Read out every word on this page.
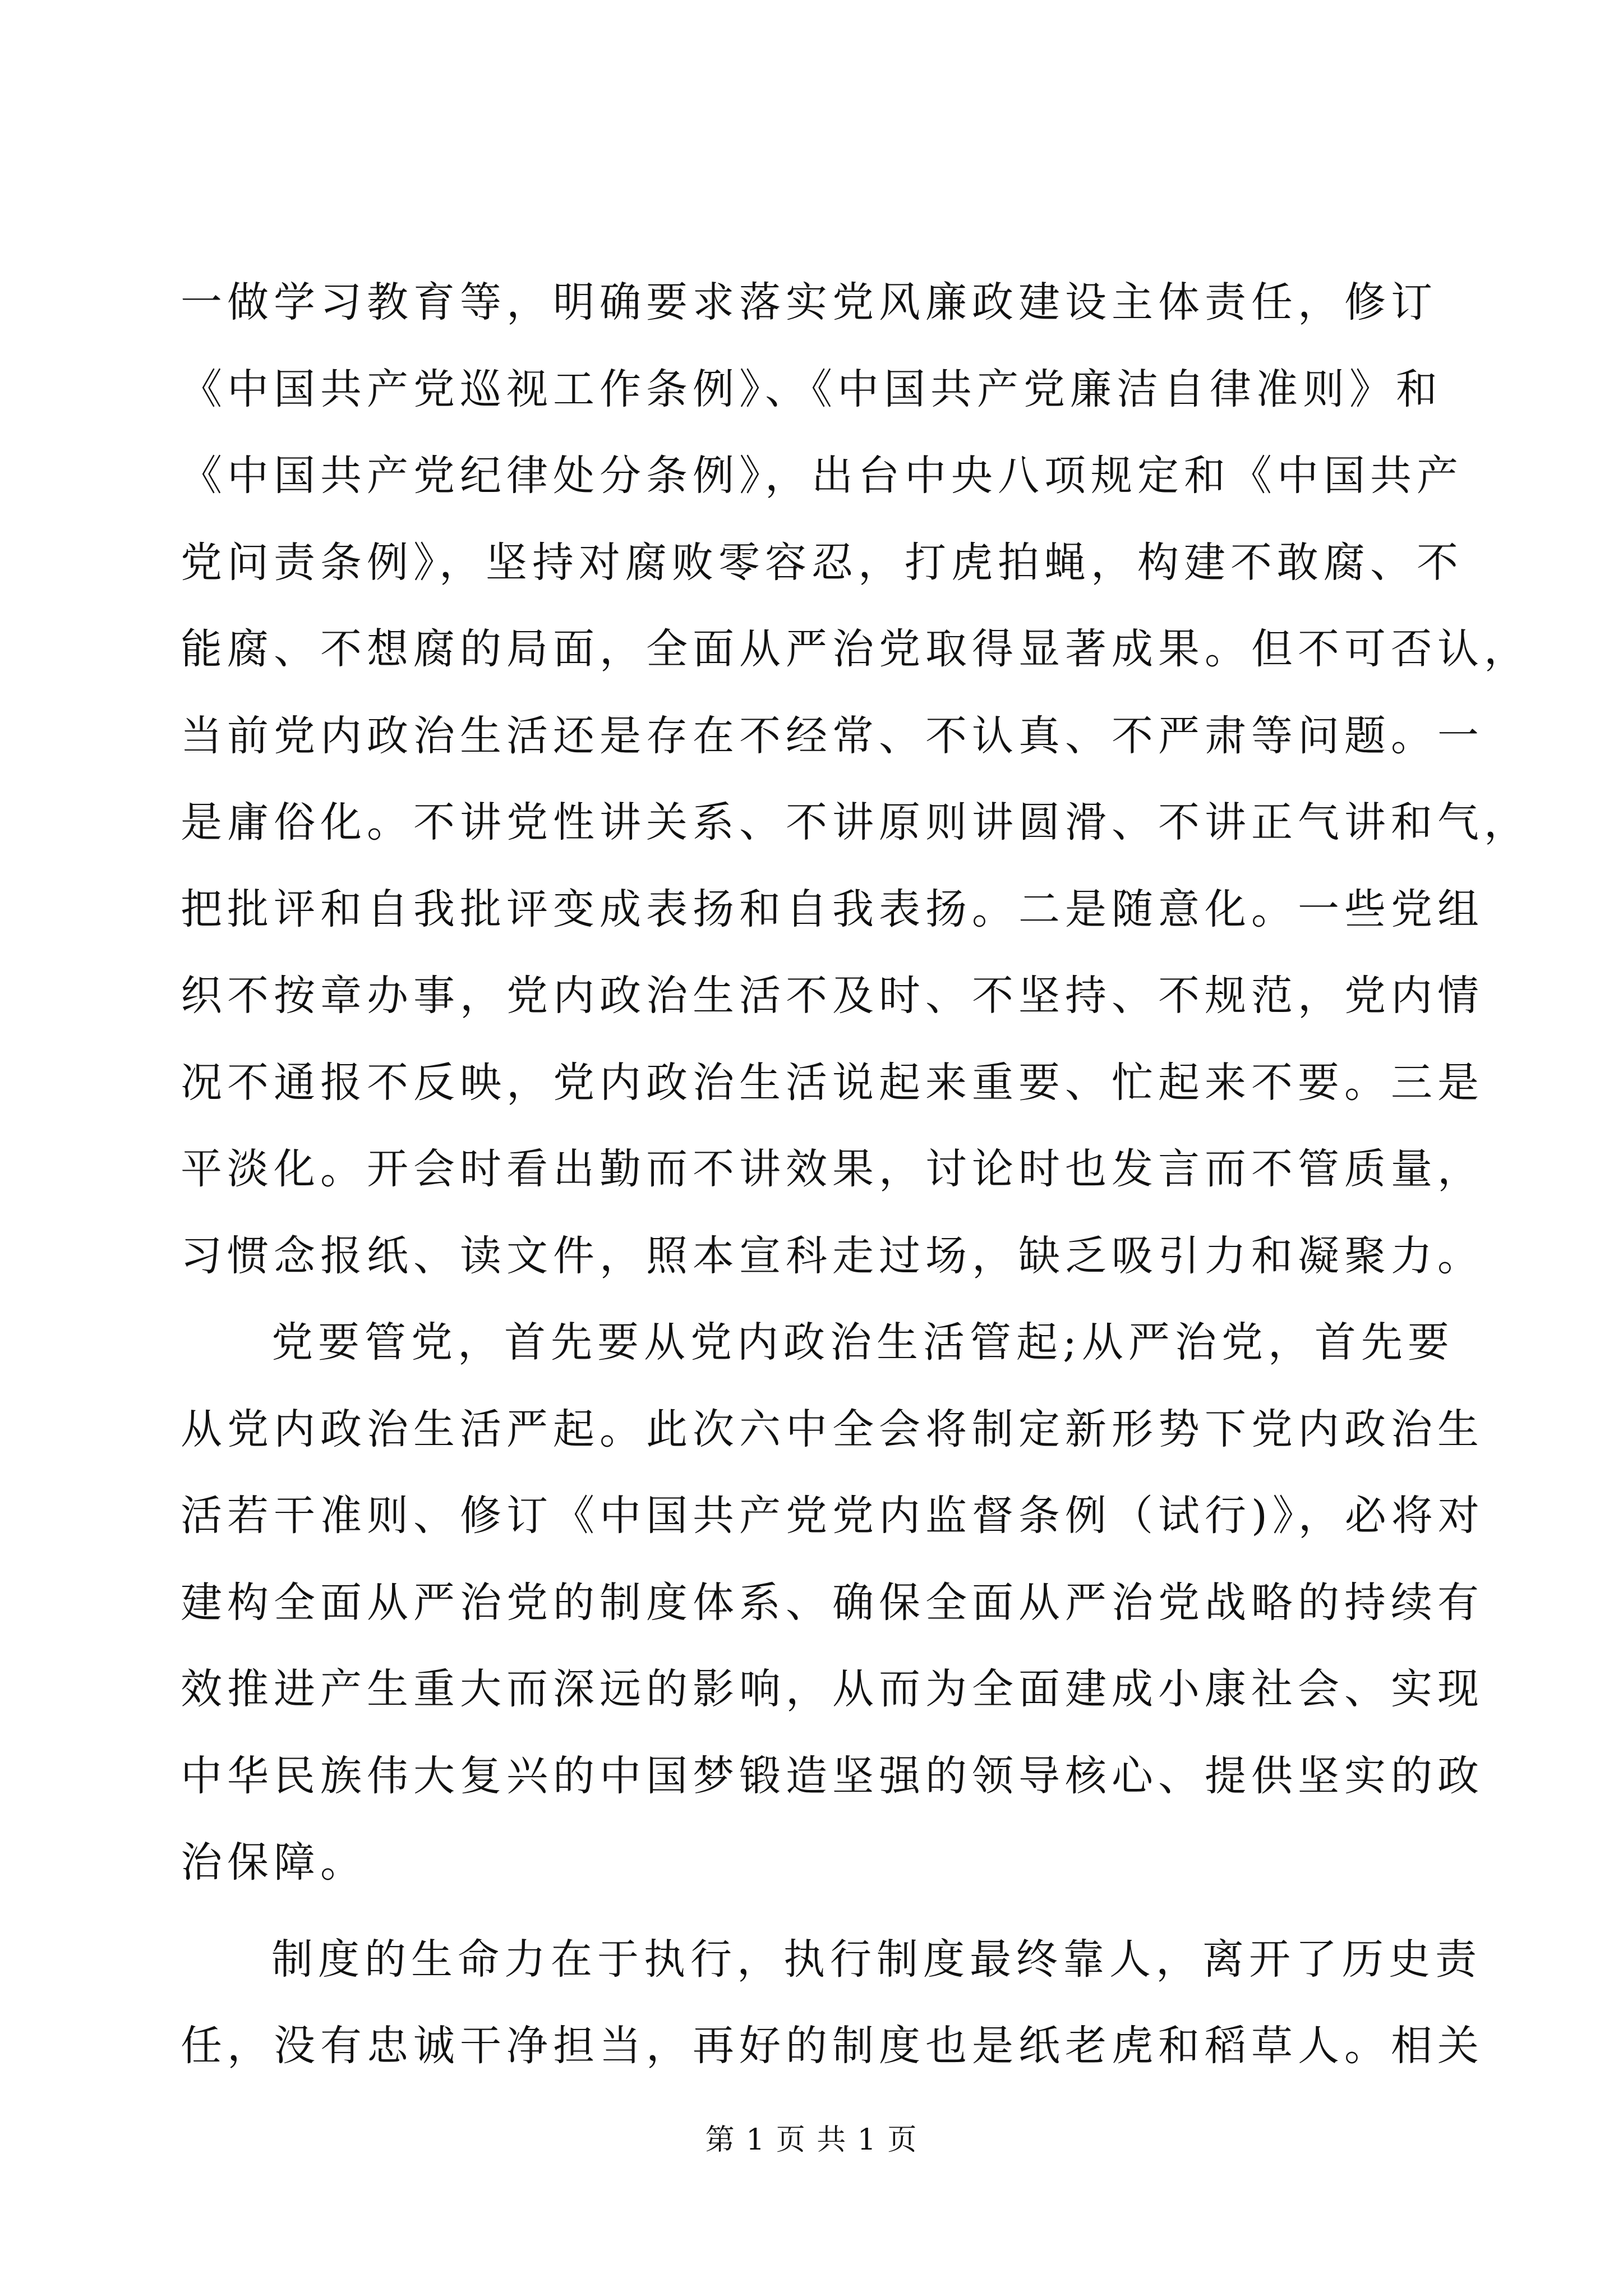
一做学习教育等，明确要求落实党风廉政建设主体责任，修订
《中国共产党巡视工作条例》、《中国共产党廉洁自律准则》和
《中国共产党纪律处分条例》，出台中央八项规定和《中国共产
党问责条例》，坚持对腐败零容忍，打虎拍蝇，构建不敢腐、不
能腐、不想腐的局面，全面从严治党取得显著成果。但不可否认，
当前党内政治生活还是存在不经常、不认真、不严肃等问题。一
是庸俗化。不讲党性讲关系、不讲原则讲圆滑、不讲正气讲和气，
把批评和自我批评变成表扬和自我表扬。二是随意化。一些党组
织不按章办事，党内政治生活不及时、不坚持、不规范，党内情
况不通报不反映，党内政治生活说起来重要、忙起来不要。三是
平淡化。开会时看出勤而不讲效果，讨论时也发言而不管质量，
习惯念报纸、读文件，照本宣科走过场，缺乏吸引力和凝聚力。
党要管党，首先要从党内政治生活管起;从严治党，首先要
从党内政治生活严起。此次六中全会将制定新形势下党内政治生
活若干准则、修订《中国共产党党内监督条例（试行)》，必将对
建构全面从严治党的制度体系、确保全面从严治党战略的持续有
效推进产生重大而深远的影响，从而为全面建成小康社会、实现
中华民族伟大复兴的中国梦锻造坚强的领导核心、提供坚实的政
治保障。
制度的生命力在于执行，执行制度最终靠人，离开了历史责
任，没有忠诚干净担当，再好的制度也是纸老虎和稻草人。相关
第 1 页 共 1 页
